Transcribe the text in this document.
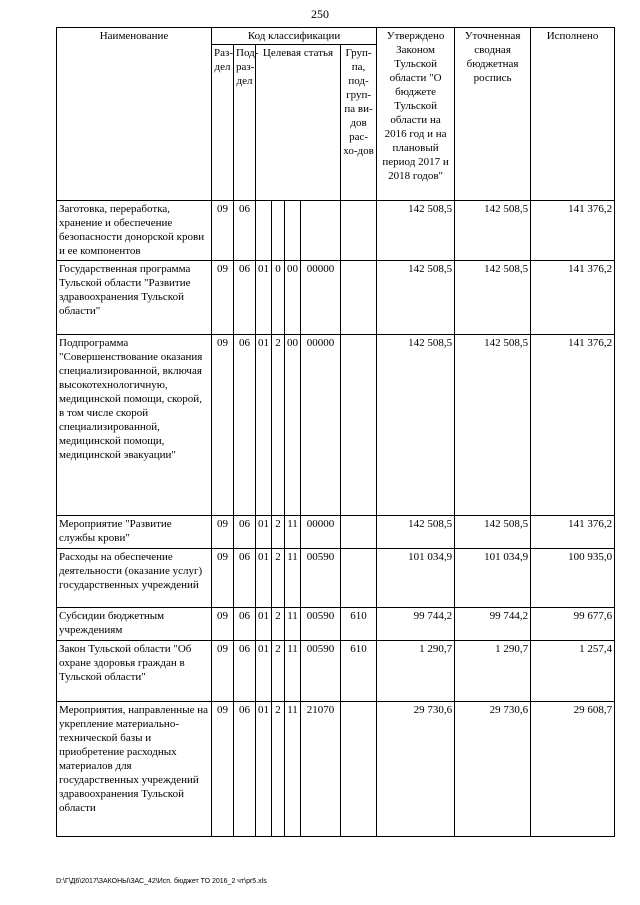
250
Наименование	Код классификации							Утверждено Законом Тульской области "О бюджете Тульской области на 2016 год и на плановый период 2017 и 2018 годов"	Уточненная сводная бюджетная роспись	Исполнено
	Раз-дел	Под-раз-дел	Целевая статья				Груп-па, под-груп-па ви-дов рас-хо-дов			
Заготовка, переработка, хранение и обеспечение безопасности донорской крови и ее компонентов	09	06						142 508,5	142 508,5	141 376,2
Государственная программа Тульской области "Развитие здравоохранения Тульской области"	09	06	01	0	00	00000		142 508,5	142 508,5	141 376,2
Подпрограмма "Совершенствование оказания специализированной, включая высокотехнологичную, медицинской помощи, скорой, в том числе скорой специализированной, медицинской помощи, медицинской эвакуации"	09	06	01	2	00	00000		142 508,5	142 508,5	141 376,2
Мероприятие "Развитие службы крови"	09	06	01	2	11	00000		142 508,5	142 508,5	141 376,2
Расходы на обеспечение деятельности (оказание услуг) государственных учреждений	09	06	01	2	11	00590		101 034,9	101 034,9	100 935,0
Субсидии бюджетным учреждениям	09	06	01	2	11	00590	610	99 744,2	99 744,2	99 677,6
Закон Тульской области "Об охране здоровья граждан в Тульской области"	09	06	01	2	11	00590	610	1 290,7	1 290,7	1 257,4
Мероприятия, направленные на укрепление материально-технической базы и приобретение расходных материалов для государственных учреждений здравоохранения Тульской области	09	06	01	2	11	21070		29 730,6	29 730,6	29 608,7
D:\Г\Д6\2017\ЗАКОНЫ\ЗАС_42\Исп. бюджет ТО 2016_2 чт\pr5.xls
